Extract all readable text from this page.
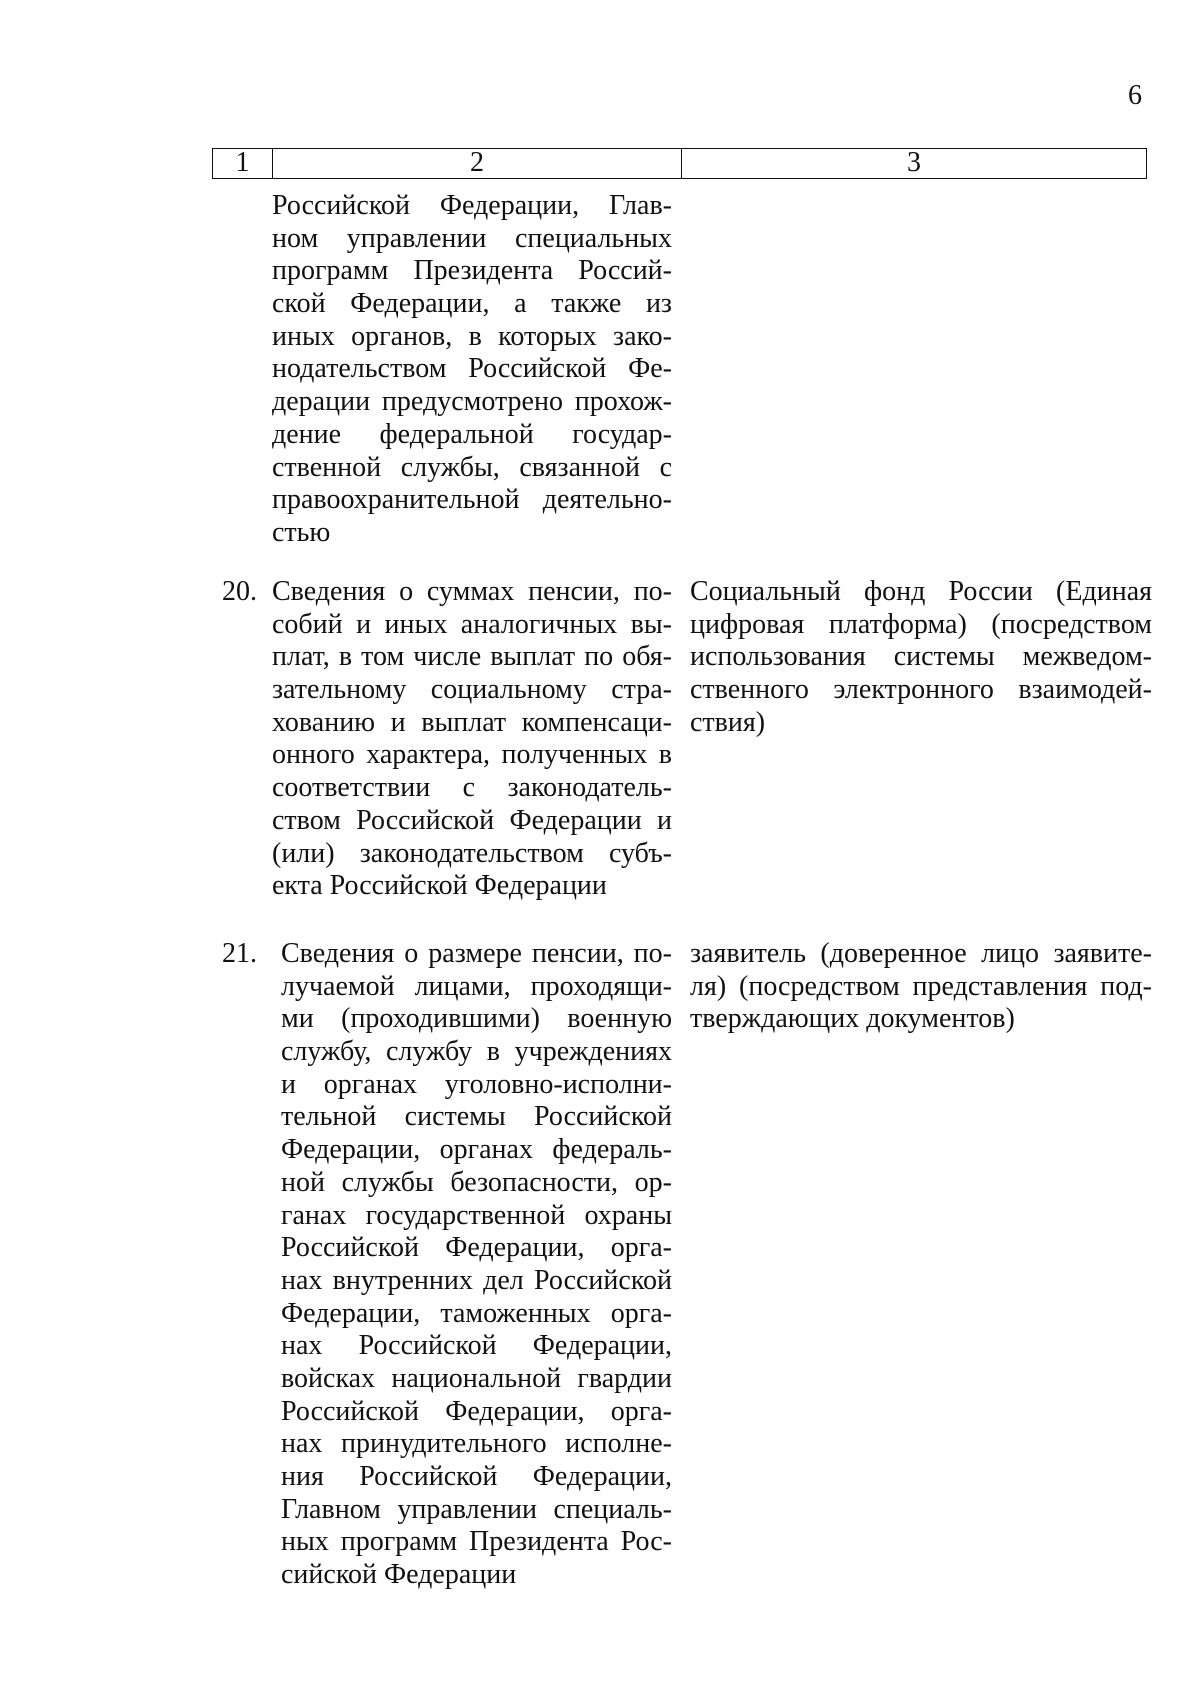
6
1	2	3
Российской Федерации, Глав-
ном управлении специальных
программ Президента Россий-
ской Федерации, а также из
иных органов, в которых зако-
нодательством Российской Фе-
дерации предусмотрено прохож-
дение федеральной государ-
ственной службы, связанной с
правоохранительной деятельно-
стью
20. Сведения о суммах пенсии, по-
собий и иных аналогичных вы-
плат, в том числе выплат по обя-
зательному социальному стра-
хованию и выплат компенсаци-
онного характера, полученных в
соответствии с законодатель-
ством Российской Федерации и
(или) законодательством субъ-
екта Российской Федерации
Социальный фонд России (Единая
цифровая платформа) (посредством
использования системы межведом-
ственного электронного взаимодей-
ствия)
21. Сведения о размере пенсии, по-
лучаемой лицами, проходящи-
ми (проходившими) военную
службу, службу в учреждениях
и органах уголовно-исполни-
тельной системы Российской
Федерации, органах федераль-
ной службы безопасности, ор-
ганах государственной охраны
Российской Федерации, орга-
нах внутренних дел Российской
Федерации, таможенных орга-
нах Российской Федерации,
войсках национальной гвардии
Российской Федерации, орга-
нах принудительного исполне-
ния Российской Федерации,
Главном управлении специаль-
ных программ Президента Рос-
сийской Федерации
заявитель (доверенное лицо заявите-
ля) (посредством представления под-
тверждающих документов)
